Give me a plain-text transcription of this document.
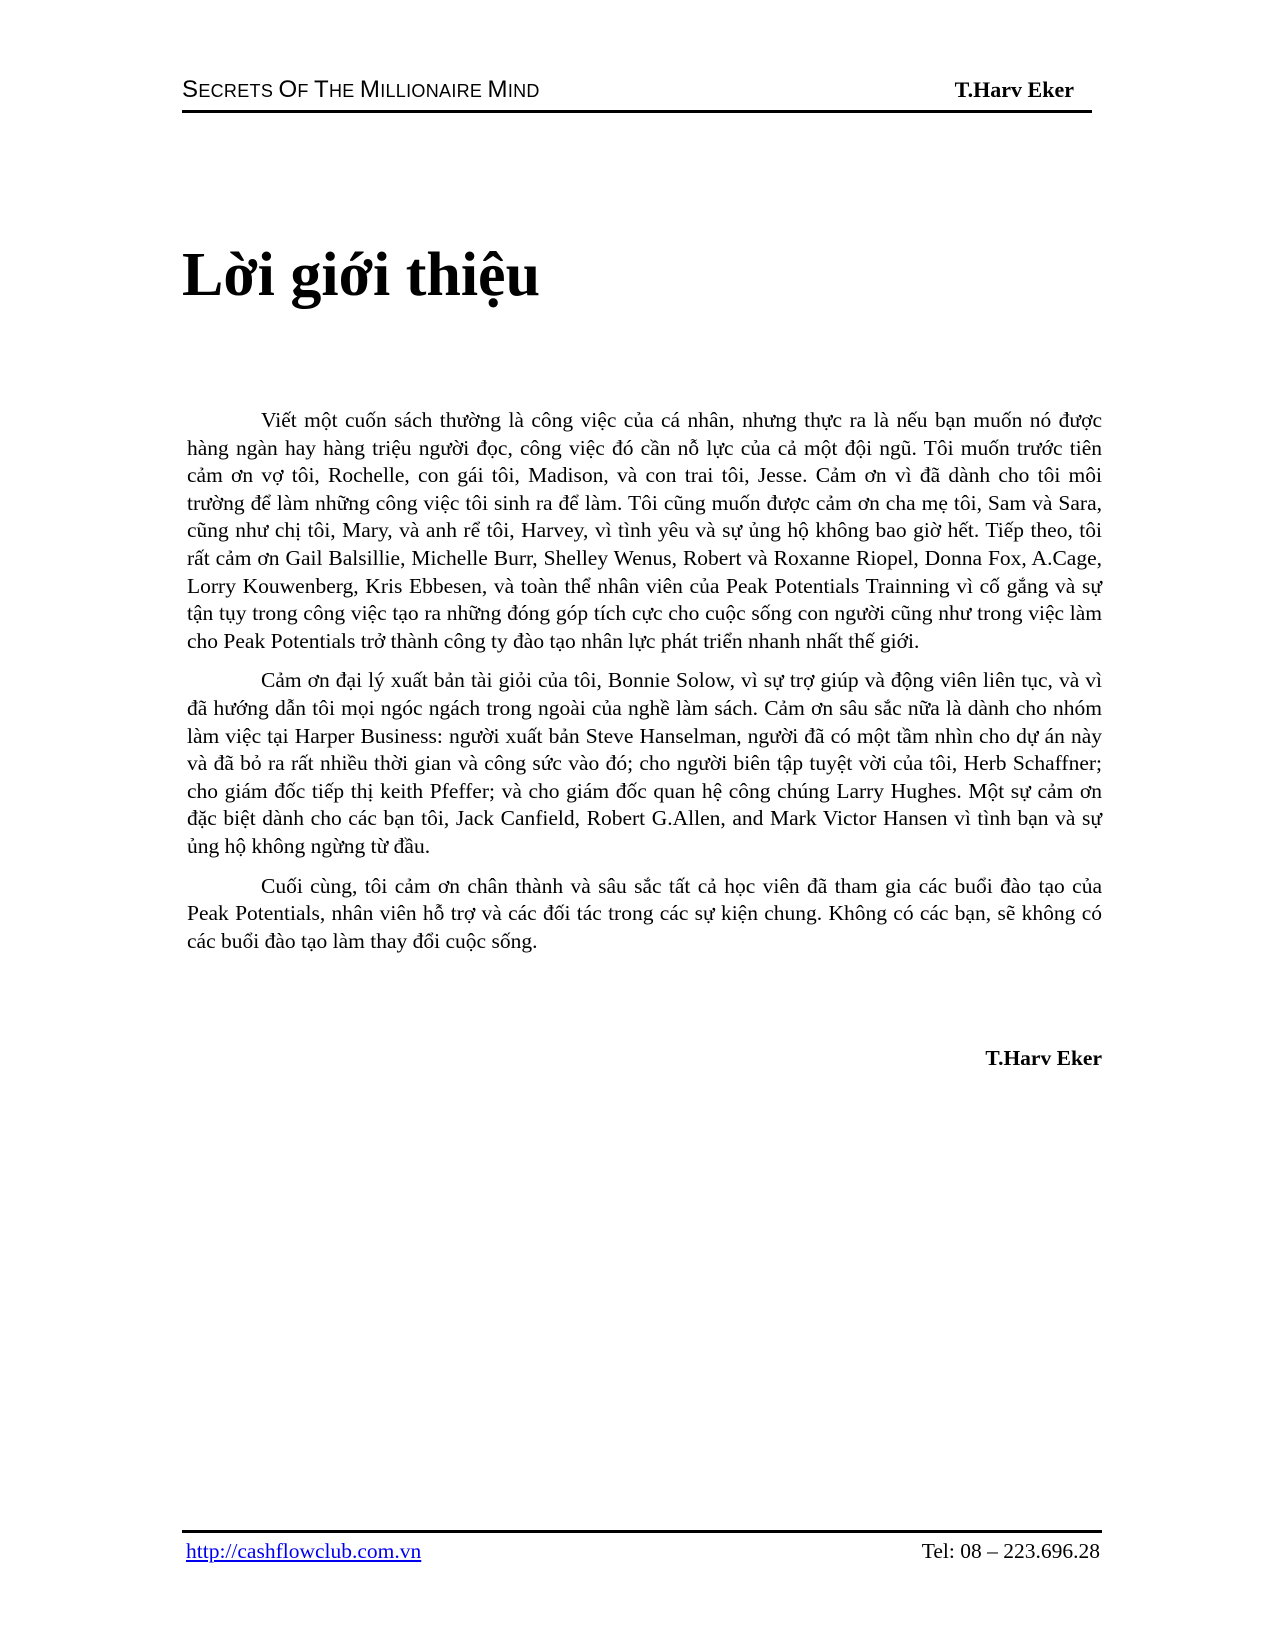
SECRETS OF THE MILLIONAIRE MIND	T.Harv Eker
Lời giới thiệu

Viết một cuốn sách thường là công việc của cá nhân, nhưng thực ra là nếu bạn muốn nó được hàng ngàn hay hàng triệu người đọc, công việc đó cần nỗ lực của cả một đội ngũ. Tôi muốn trước tiên cảm ơn vợ tôi, Rochelle, con gái tôi, Madison, và con trai tôi, Jesse. Cảm ơn vì đã dành cho tôi môi trường để làm những công việc tôi sinh ra để làm. Tôi cũng muốn được cảm ơn cha mẹ tôi, Sam và Sara, cũng như chị tôi, Mary, và anh rể tôi, Harvey, vì tình yêu và sự ủng hộ không bao giờ hết. Tiếp theo, tôi rất cảm ơn Gail Balsillie, Michelle Burr, Shelley Wenus, Robert và Roxanne Riopel, Donna Fox, A.Cage, Lorry Kouwenberg, Kris Ebbesen, và toàn thể nhân viên của Peak Potentials Trainning vì cố gắng và sự tận tụy trong công việc tạo ra những đóng góp tích cực cho cuộc sống con người cũng như trong việc làm cho Peak Potentials trở thành công ty đào tạo nhân lực phát triển nhanh nhất thế giới.

Cảm ơn đại lý xuất bản tài giỏi của tôi, Bonnie Solow, vì sự trợ giúp và động viên liên tục, và vì đã hướng dẫn tôi mọi ngóc ngách trong ngoài của nghề làm sách. Cảm ơn sâu sắc nữa là dành cho nhóm làm việc tại Harper Business: người xuất bản Steve Hanselman, người đã có một tầm nhìn cho dự án này và đã bỏ ra rất nhiều thời gian và công sức vào đó; cho người biên tập tuyệt vời của tôi, Herb Schaffner; cho giám đốc tiếp thị keith Pfeffer; và cho giám đốc quan hệ công chúng Larry Hughes. Một sự cảm ơn đặc biệt dành cho các bạn tôi, Jack Canfield, Robert G.Allen, and Mark Victor Hansen vì tình bạn và sự ủng hộ không ngừng từ đầu.

Cuối cùng, tôi cảm ơn chân thành và sâu sắc tất cả học viên đã tham gia các buổi đào tạo của Peak Potentials, nhân viên hỗ trợ và các đối tác trong các sự kiện chung. Không có các bạn, sẽ không có các buổi đào tạo làm thay đổi cuộc sống.

T.Harv Eker
http://cashflowclub.com.vn	Tel: 08 – 223.696.28
